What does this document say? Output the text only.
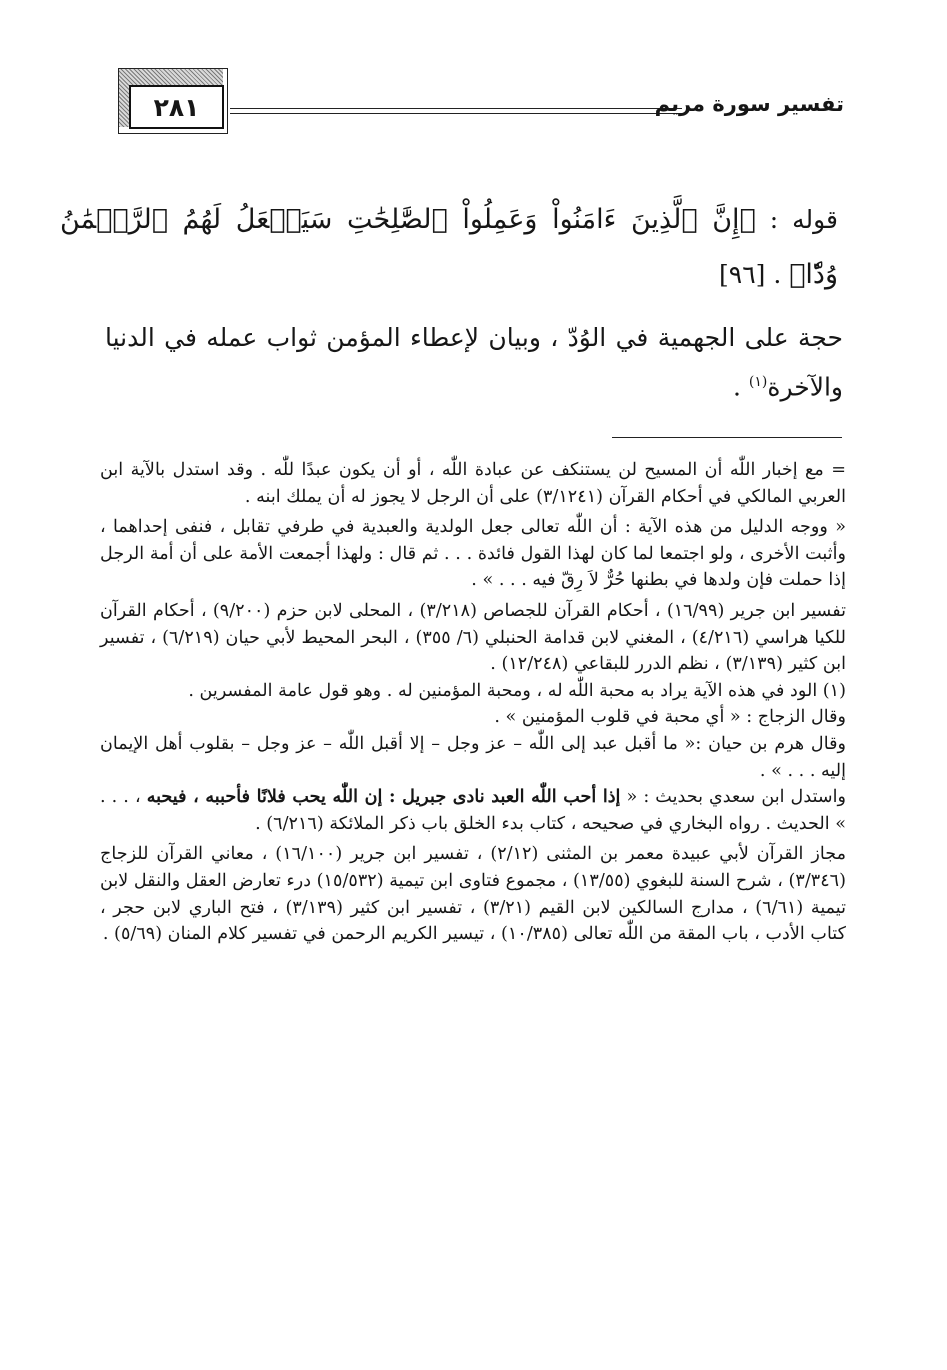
٢٨١	تفسير سورة مريم
قوله : ﴿إِنَّ ٱلَّذِينَ ءَامَنُواْ وَعَمِلُواْ ٱلصَّٰلِحَٰتِ سَيَجۡعَلُ لَهُمُ ٱلرَّحۡمَٰنُ وُدّٗا﴾ . [٩٦]
حجة على الجهمية في الوُدّ ، وبيان لإعطاء المؤمن ثواب عمله في الدنيا والآخرة$^{(١)}$ .

= مع إخبار اللّٰه أن المسيح لن يستنكف عن عبادة اللّٰه ، أو أن يكون عبدًا للّٰه . وقد استدل بالآية ابن العربي المالكي في أحكام القرآن (٣/١٢٤١) على أن الرجل لا يجوز له أن يملك ابنه .

« ووجه الدليل من هذه الآية : أن اللّٰه تعالى جعل الولدية والعبدية في طرفي تقابل ، فنفى إحداهما ، وأثبت الأخرى ، ولو اجتمعا لما كان لهذا القول فائدة . . . ثم قال : ولهذا أجمعت الأمة على أن أمة الرجل إذا حملت فإن ولدها في بطنها حُرٌّ لاَ رِقّ فيه . . . » .

تفسير ابن جرير (١٦/٩٩) ، أحكام القرآن للجصاص (٣/٢١٨) ، المحلى لابن حزم (٩/٢٠٠) ، أحكام القرآن للكيا هراسي (٤/٢١٦) ، المغني لابن قدامة الحنبلي (٦/ ٣٥٥) ، البحر المحيط لأبي حيان (٦/٢١٩) ، تفسير ابن كثير (٣/١٣٩) ، نظم الدرر للبقاعي (١٢/٢٤٨) .

(١) الود في هذه الآية يراد به محبة اللّٰه له ، ومحبة المؤمنين له . وهو قول عامة المفسرين .

وقال الزجاج : « أي محبة في قلوب المؤمنين » .

وقال هرم بن حيان :« ما أقبل عبد إلى اللّٰه – عز وجل – إلا أقبل اللّٰه – عز وجل – بقلوب أهل الإيمان إليه . . . » .

واستدل ابن سعدي بحديث : « إذا أحب اللّٰه العبد نادى جبريل : إن اللّٰه يحب فلانًا فأحببه ، فيحبه ، . . . » الحديث . رواه البخاري في صحيحه ، كتاب بدء الخلق باب ذكر الملائكة (٦/٢١٦) .

مجاز القرآن لأبي عبيدة معمر بن المثنى (٢/١٢) ، تفسير ابن جرير (١٦/١٠٠) ، معاني القرآن للزجاج (٣/٣٤٦) ، شرح السنة للبغوي (١٣/٥٥) ، مجموع فتاوى ابن تيمية (١٥/٥٣٢) درء تعارض العقل والنقل لابن تيمية (٦/٦١) ، مدارج السالكين لابن القيم (٣/٢١) ، تفسير ابن كثير (٣/١٣٩) ، فتح الباري لابن حجر ، كتاب الأدب ، باب المقة من اللّٰه تعالى (١٠/٣٨٥) ، تيسير الكريم الرحمن في تفسير كلام المنان (٥/٦٩) .
